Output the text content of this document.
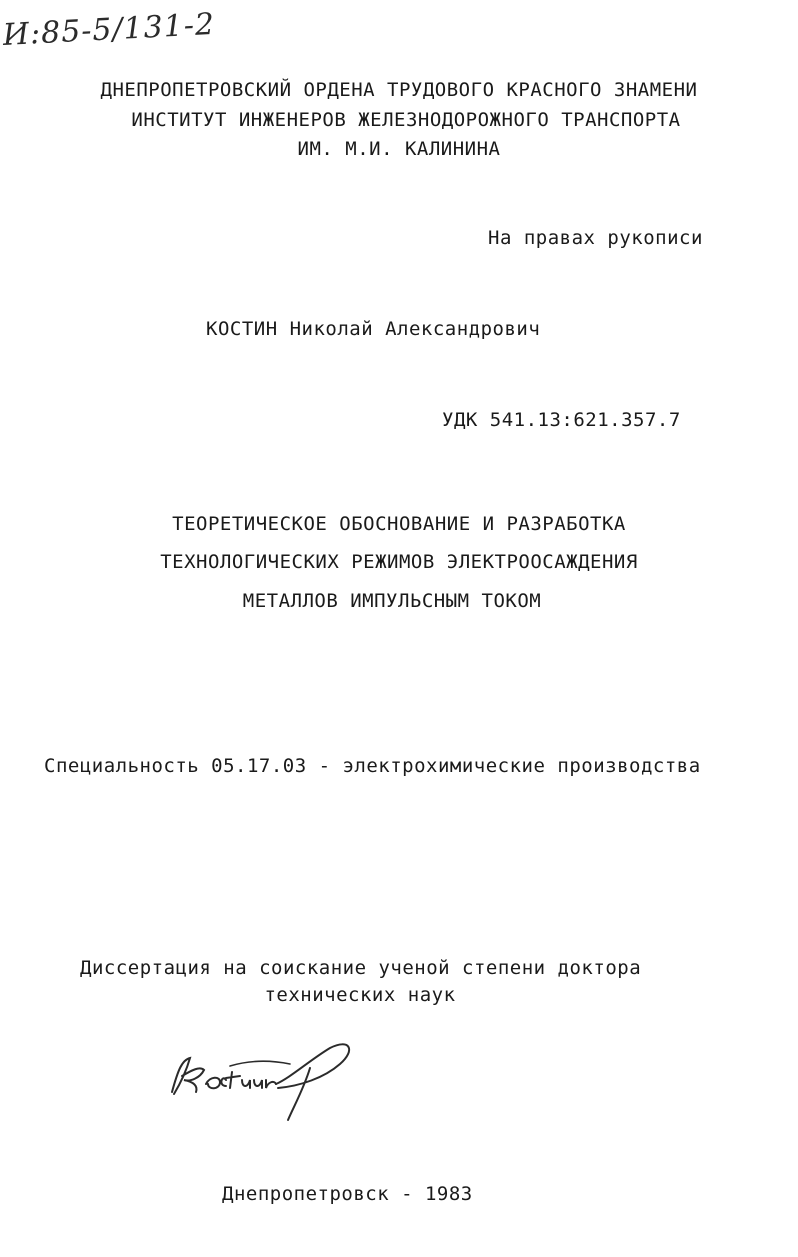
И:85-5/131-2
ДНЕПРОПЕТРОВСКИЙ ОРДЕНА ТРУДОВОГО КРАСНОГО ЗНАМЕНИ
ИНСТИТУТ ИНЖЕНЕРОВ ЖЕЛЕЗНОДОРОЖНОГО ТРАНСПОРТА
ИМ. М.И. КАЛИНИНА
На правах рукописи
КОСТИН Николай Александрович
УДК 541.13:621.357.7
ТЕОРЕТИЧЕСКОЕ ОБОСНОВАНИЕ И РАЗРАБОТКА
ТЕХНОЛОГИЧЕСКИХ РЕЖИМОВ ЭЛЕКТРООСАЖДЕНИЯ
МЕТАЛЛОВ ИМПУЛЬСНЫМ ТОКОМ
Специальность 05.17.03 - электрохимические производства
Диссертация на соискание ученой степени доктора
технических наук
Днепропетровск - 1983
